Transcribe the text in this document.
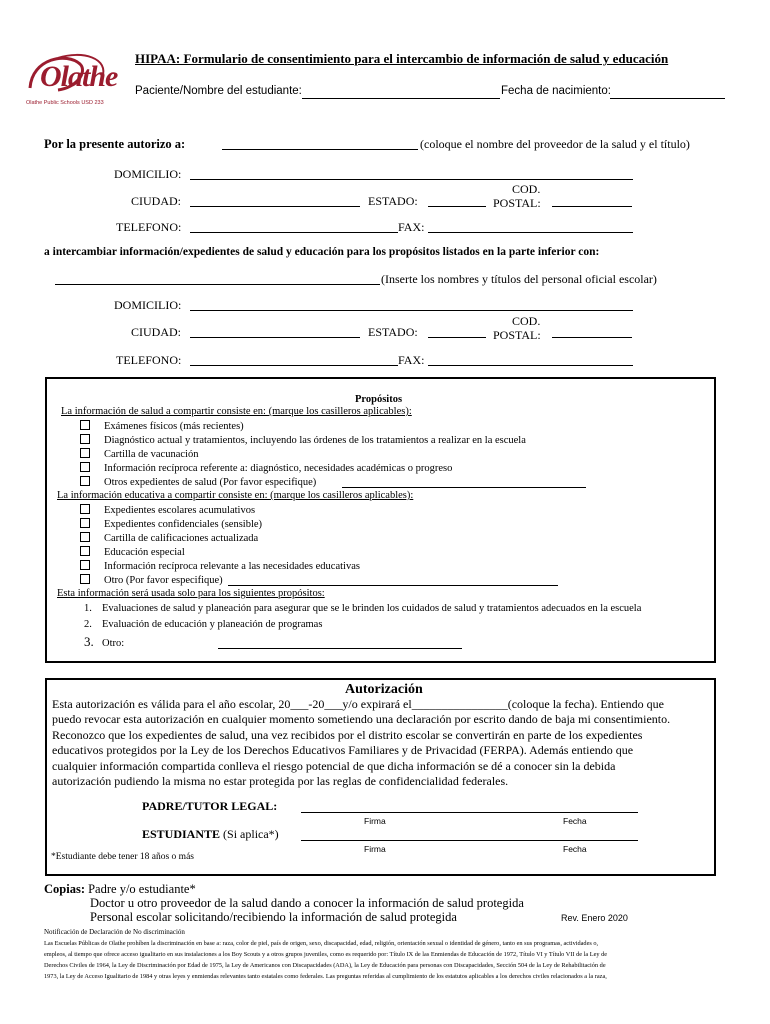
Olathe
Olathe Public Schools USD 233
HIPAA: Formulario de consentimiento para el intercambio de información de salud y educación
Paciente/Nombre del estudiante:	Fecha de nacimiento:
Por la presente autorizo a:	(coloque el nombre del proveedor de la salud y el título)
DOMICILIO:
CIUDAD:	ESTADO:
COD.
POSTAL:
TELEFONO:	FAX:
a intercambiar información/expedientes de salud y educación para los propósitos listados en la parte inferior con:
(Inserte los nombres y títulos del personal oficial escolar)
DOMICILIO:
CIUDAD:	ESTADO:
COD.
POSTAL:
TELEFONO:	FAX:
Propósitos
La información de salud a compartir consiste en: (marque los casilleros aplicables):
Exámenes físicos (más recientes)
Diagnóstico actual y tratamientos, incluyendo las órdenes de los tratamientos a realizar en la escuela
Cartilla de vacunación
Información recíproca referente a: diagnóstico, necesidades académicas o progreso
Otros expedientes de salud (Por favor especifique)
La información educativa a compartir consiste en: (marque los casilleros aplicables):
Expedientes escolares acumulativos
Expedientes confidenciales (sensible)
Cartilla de calificaciones actualizada
Educación especial
Información recíproca relevante a las necesidades educativas
Otro (Por favor especifique)
Esta información será usada solo para los siguientes propósitos:
1. Evaluaciones de salud y planeación para asegurar que se le brinden los cuidados de salud y tratamientos adecuados en la escuela
2. Evaluación de educación y planeación de programas
3. Otro:
Autorización
Esta autorización es válida para el año escolar, 20___-20___y/o expirará el________________(coloque la fecha). Entiendo que
puedo revocar esta autorización en cualquier momento sometiendo una declaración por escrito dando de baja mi consentimiento.
Reconozco que los expedientes de salud, una vez recibidos por el distrito escolar se convertirán en parte de los expedientes
educativos protegidos por la Ley de los Derechos Educativos Familiares y de Privacidad (FERPA). Además entiendo que
cualquier información compartida conlleva el riesgo potencial de que dicha información se dé a conocer sin la debida
autorización pudiendo la misma no estar protegida por las reglas de confidencialidad federales.
PADRE/TUTOR LEGAL:
Firma	Fecha
ESTUDIANTE (Si aplica*)
Firma	Fecha
*Estudiante debe tener 18 años o más
Copias: Padre y/o estudiante*
Doctor u otro proveedor de la salud dando a conocer la información de salud protegida
Personal escolar solicitando/recibiendo la información de salud protegida	Rev. Enero 2020
Notificación de Declaración de No discriminación
Las Escuelas Públicas de Olathe prohíben la discriminación en base a: raza, color de piel, país de origen, sexo, discapacidad, edad, religión, orientación sexual o identidad de género, tanto en sus programas, actividades o,
empleos, al tiempo que ofrece acceso igualitario en sus instalaciones a los Boy Scouts y a otros grupos juveniles, como es requerido por: Título IX de las Enmiendas de Educación de 1972, Título VI y Título VII de la Ley de
Derechos Civiles de 1964, la Ley de Discriminación por Edad de 1975, la Ley de Americanos con Discapacidades (ADA), la Ley de Educación para personas con Discapacidades, Sección 504 de la Ley de Rehabilitación de
1973, la Ley de Acceso Igualitario de 1984 y otras leyes y enmiendas relevantes tanto estatales como federales. Las preguntas referidas al cumplimiento de los estatutos aplicables a los derechos civiles relacionados a la raza,
